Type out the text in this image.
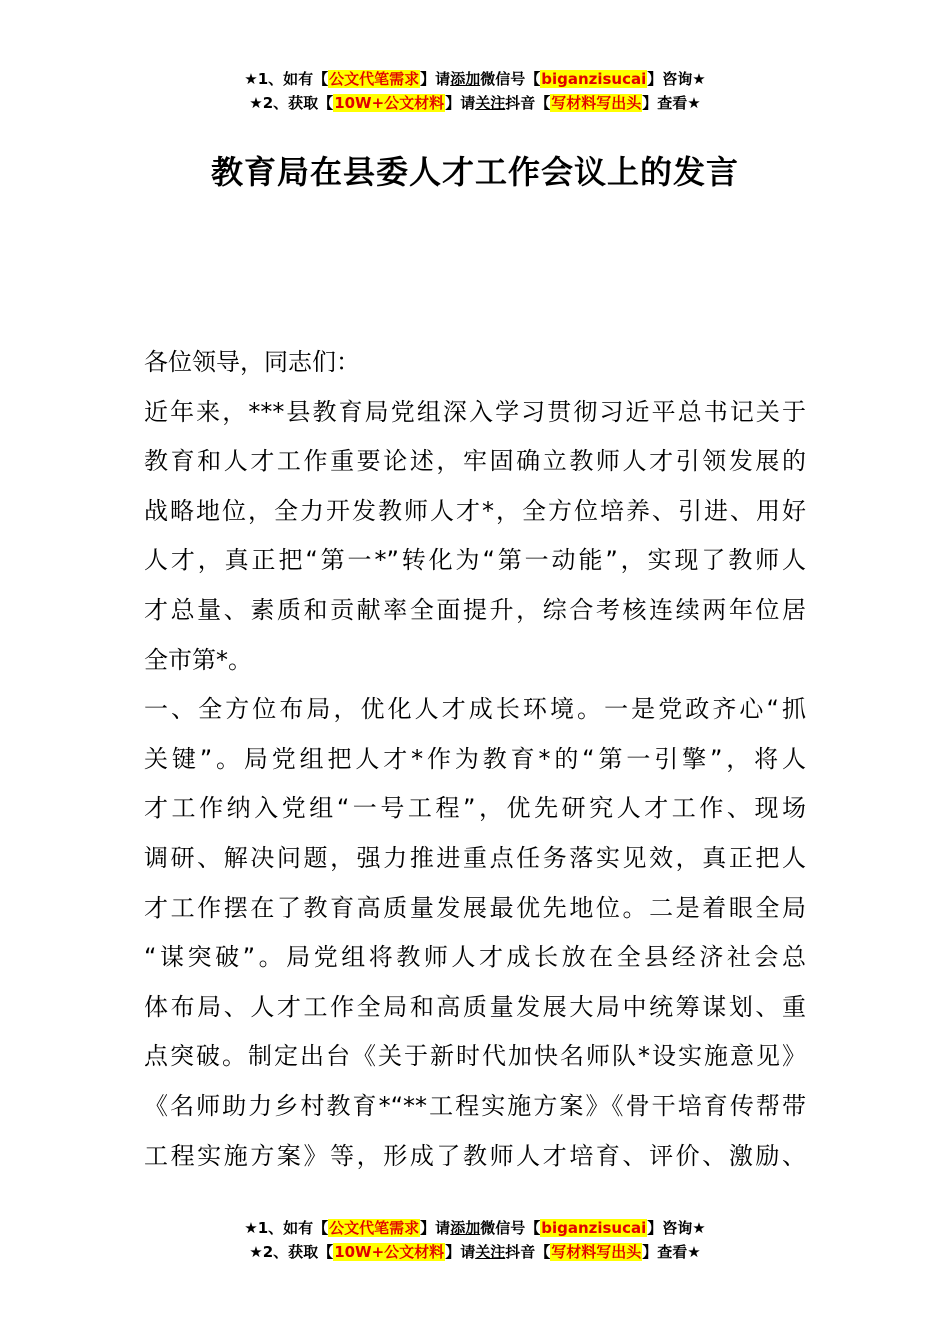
★1、如有【公文代笔需求】请添加微信号【biganzisucai】咨询★
★2、获取【10W+公文材料】请关注抖音【写材料写出头】查看★
教育局在县委人才工作会议上的发言
各位领导，同志们：
近年来，***县教育局党组深入学习贯彻习近平总书记关于
教育和人才工作重要论述，牢固确立教师人才引领发展的
战略地位，全力开发教师人才*，全方位培养、引进、用好
人才，真正把“第一*”转化为“第一动能”，实现了教师人
才总量、素质和贡献率全面提升，综合考核连续两年位居
全市第*。
一、全方位布局，优化人才成长环境。一是党政齐心“抓
关键”。局党组把人才*作为教育*的“第一引擎”，将人
才工作纳入党组“一号工程”，优先研究人才工作、现场
调研、解决问题，强力推进重点任务落实见效，真正把人
才工作摆在了教育高质量发展最优先地位。二是着眼全局
“谋突破”。局党组将教师人才成长放在全县经济社会总
体布局、人才工作全局和高质量发展大局中统筹谋划、重
点突破。制定出台《关于新时代加快名师队*设实施意见》
《名师助力乡村教育*“**工程实施方案》《骨干培育传帮带
工程实施方案》等，形成了教师人才培育、评价、激励、
★1、如有【公文代笔需求】请添加微信号【biganzisucai】咨询★
★2、获取【10W+公文材料】请关注抖音【写材料写出头】查看★
